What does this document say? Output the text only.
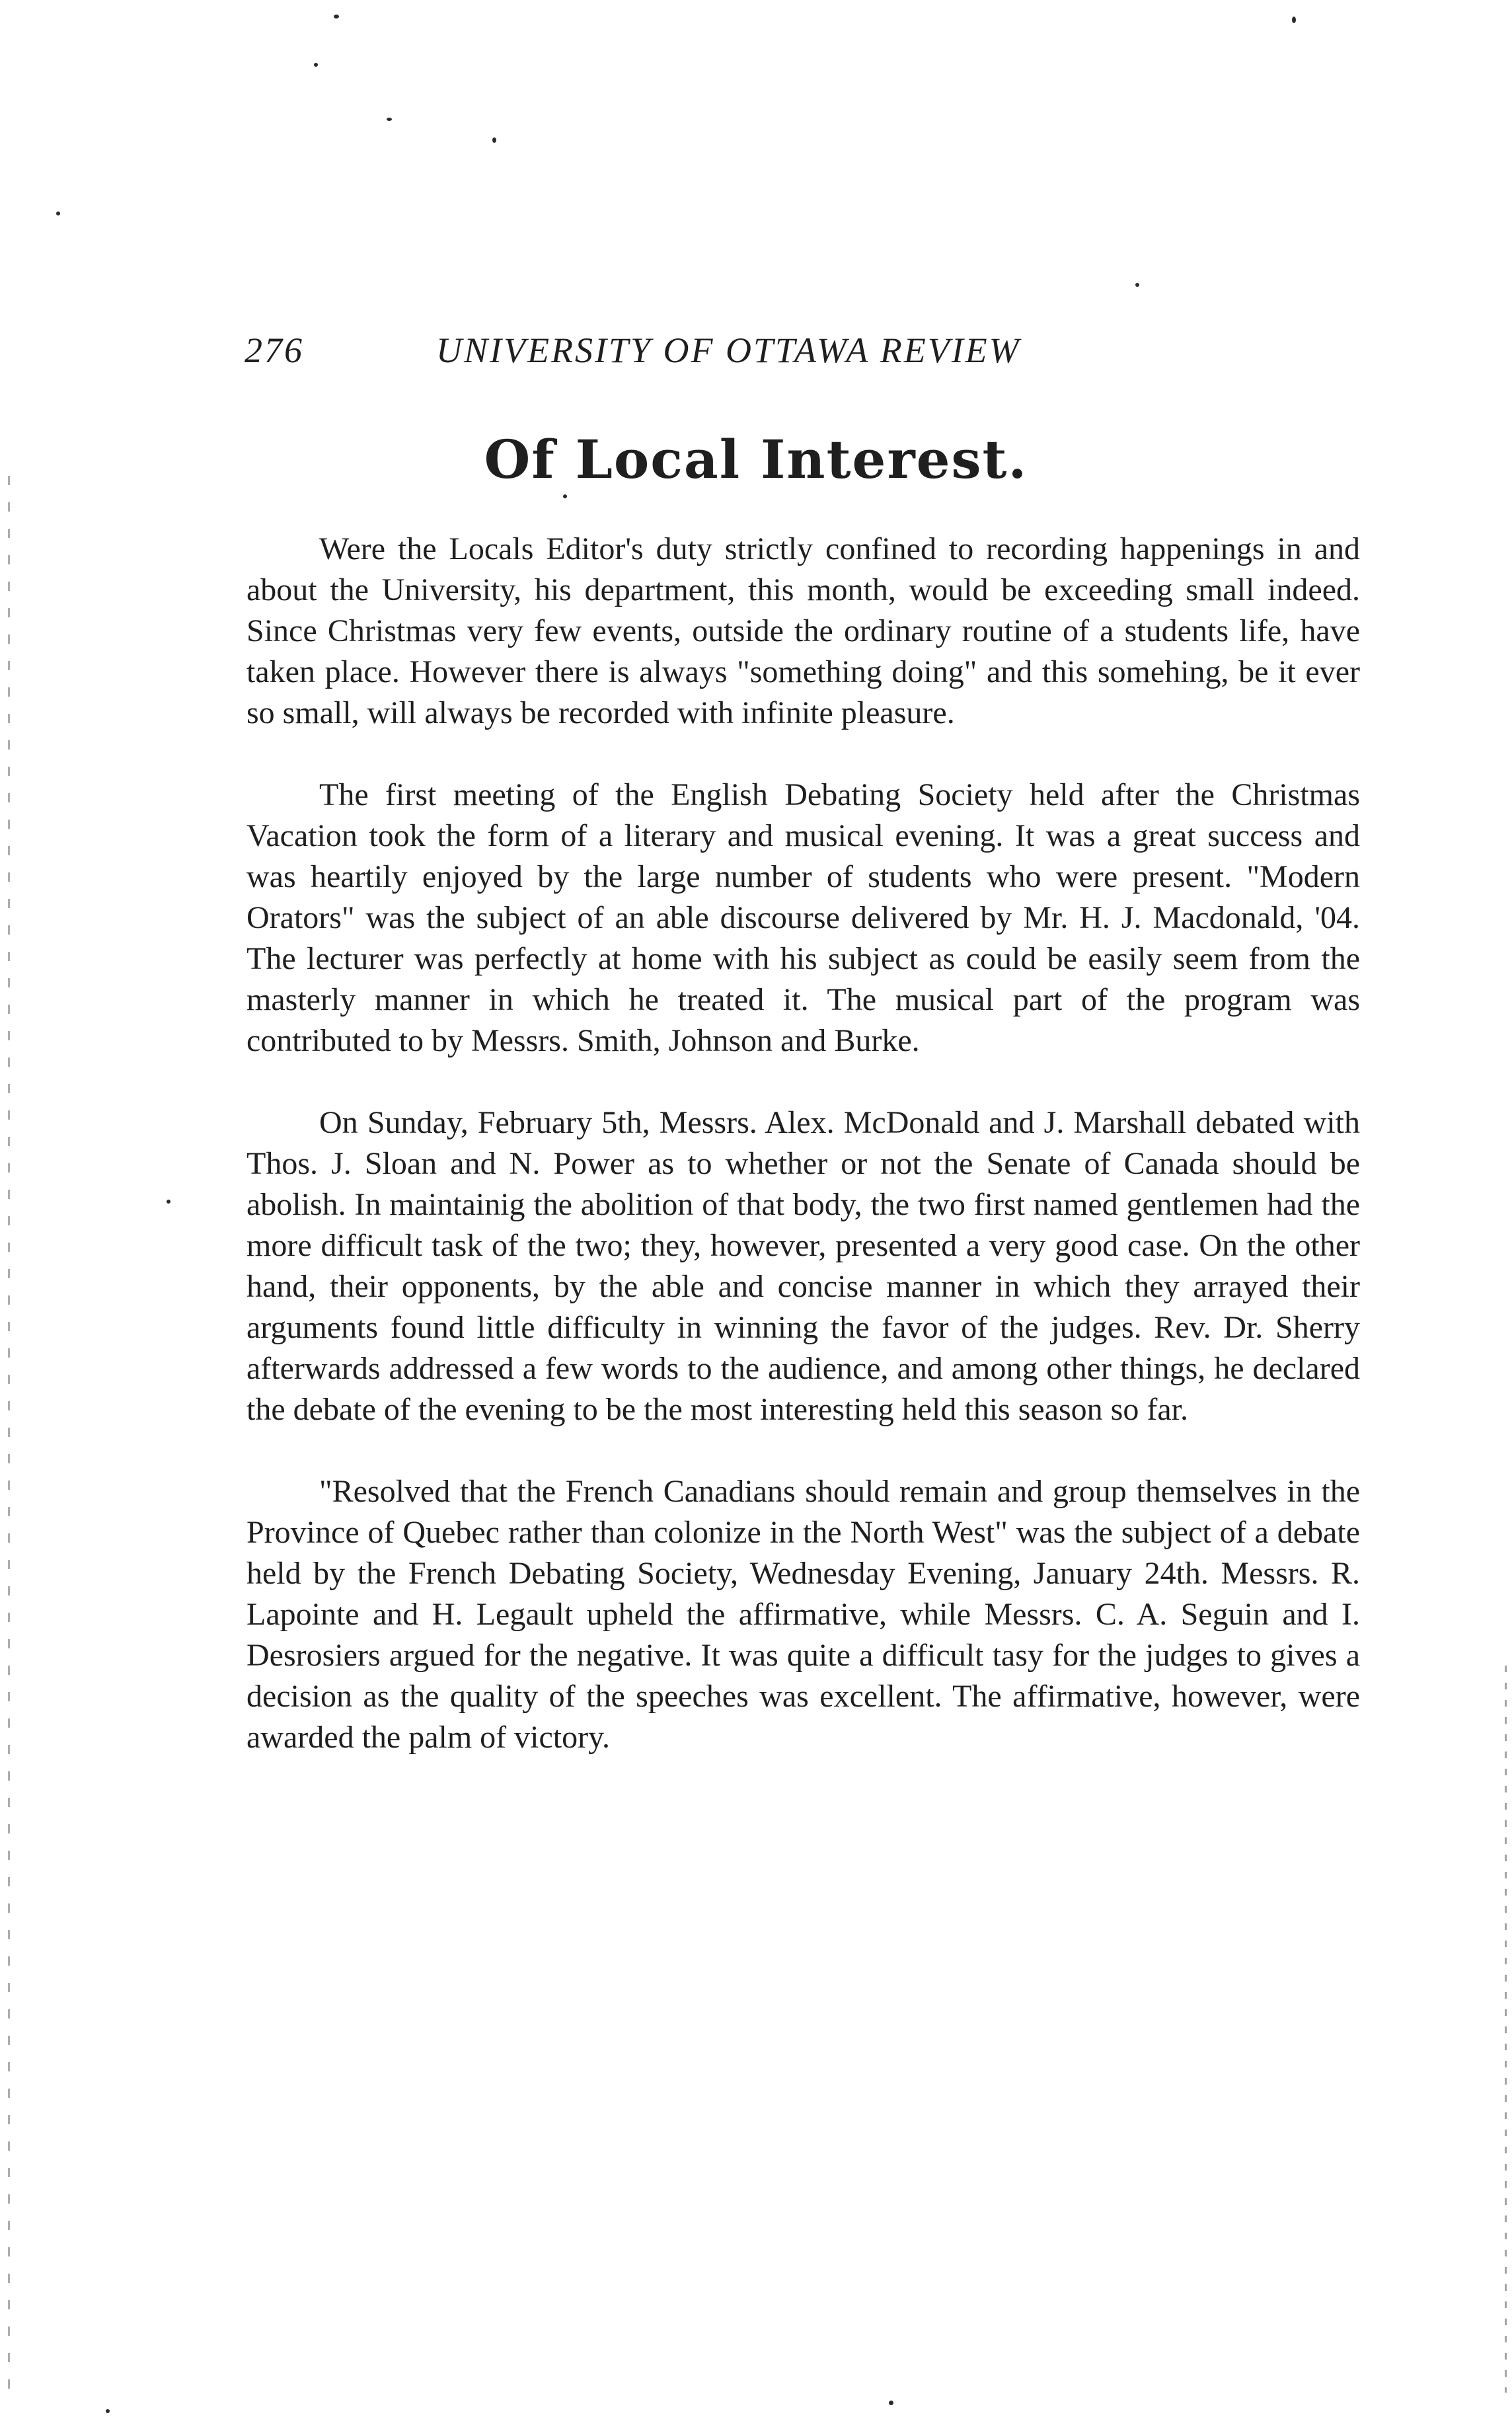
276	UNIVERSITY OF OTTAWA REVIEW
Of Local Interest.

Were the Locals Editor's duty strictly confined to recording happenings in and about the University, his department, this month, would be exceeding small indeed. Since Christmas very few events, outside the ordinary routine of a students life, have taken place. However there is always "something doing" and this somehing, be it ever so small, will always be recorded with infinite pleasure.

The first meeting of the English Debating Society held after the Christmas Vacation took the form of a literary and musical evening. It was a great success and was heartily enjoyed by the large number of students who were present. "Modern Orators" was the subject of an able discourse delivered by Mr. H. J. Macdonald, '04. The lecturer was perfectly at home with his subject as could be easily seem from the masterly manner in which he treated it. The musical part of the program was contributed to by Messrs. Smith, Johnson and Burke.

On Sunday, February 5th, Messrs. Alex. McDonald and J. Marshall debated with Thos. J. Sloan and N. Power as to whether or not the Senate of Canada should be abolish. In maintainig the abolition of that body, the two first named gentlemen had the more difficult task of the two; they, however, presented a very good case. On the other hand, their opponents, by the able and concise manner in which they arrayed their arguments found little difficulty in winning the favor of the judges. Rev. Dr. Sherry afterwards addressed a few words to the audience, and among other things, he declared the debate of the evening to be the most interesting held this season so far.

"Resolved that the French Canadians should remain and group themselves in the Province of Quebec rather than colonize in the North West" was the subject of a debate held by the French Debating Society, Wednesday Evening, January 24th. Messrs. R. Lapointe and H. Legault upheld the affirmative, while Messrs. C. A. Seguin and I. Desrosiers argued for the negative. It was quite a difficult tasy for the judges to gives a decision as the quality of the speeches was excellent. The affirmative, however, were awarded the palm of victory.
